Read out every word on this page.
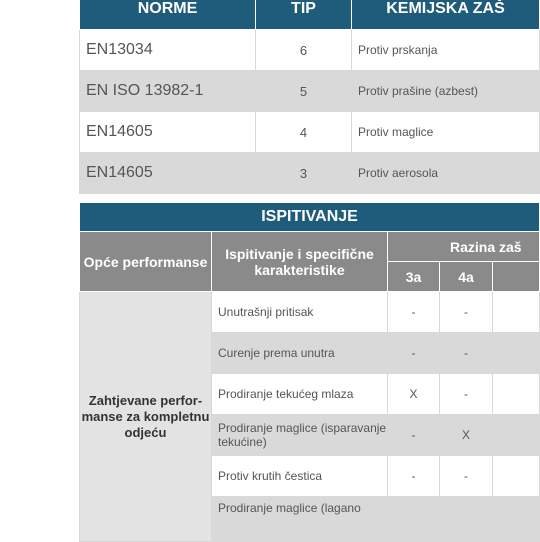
NORME	TIP	KEMIJSKA ZAŠ
EN13034	6	Protiv prskanja
EN ISO 13982-1	5	Protiv prašine (azbest)
EN14605	4	Protiv maglice
EN14605	3	Protiv aerosola
ISPITIVANJE				
Opće performanse	Ispitivanje i specifične karakteristike	Razina zaš		
		3a	4a	
Zahtjevane perfor-
manse za kompletnu
odjeću	Unutrašnji pritisak	-	-	
	Curenje prema unutra	-	-	
	Prodiranje tekućeg mlaza	X	-	
	Prodiranje maglice (isparavanje tekućine)	-	X	
	Protiv krutih čestica	-	-	
	Prodiranje maglice (lagano			
